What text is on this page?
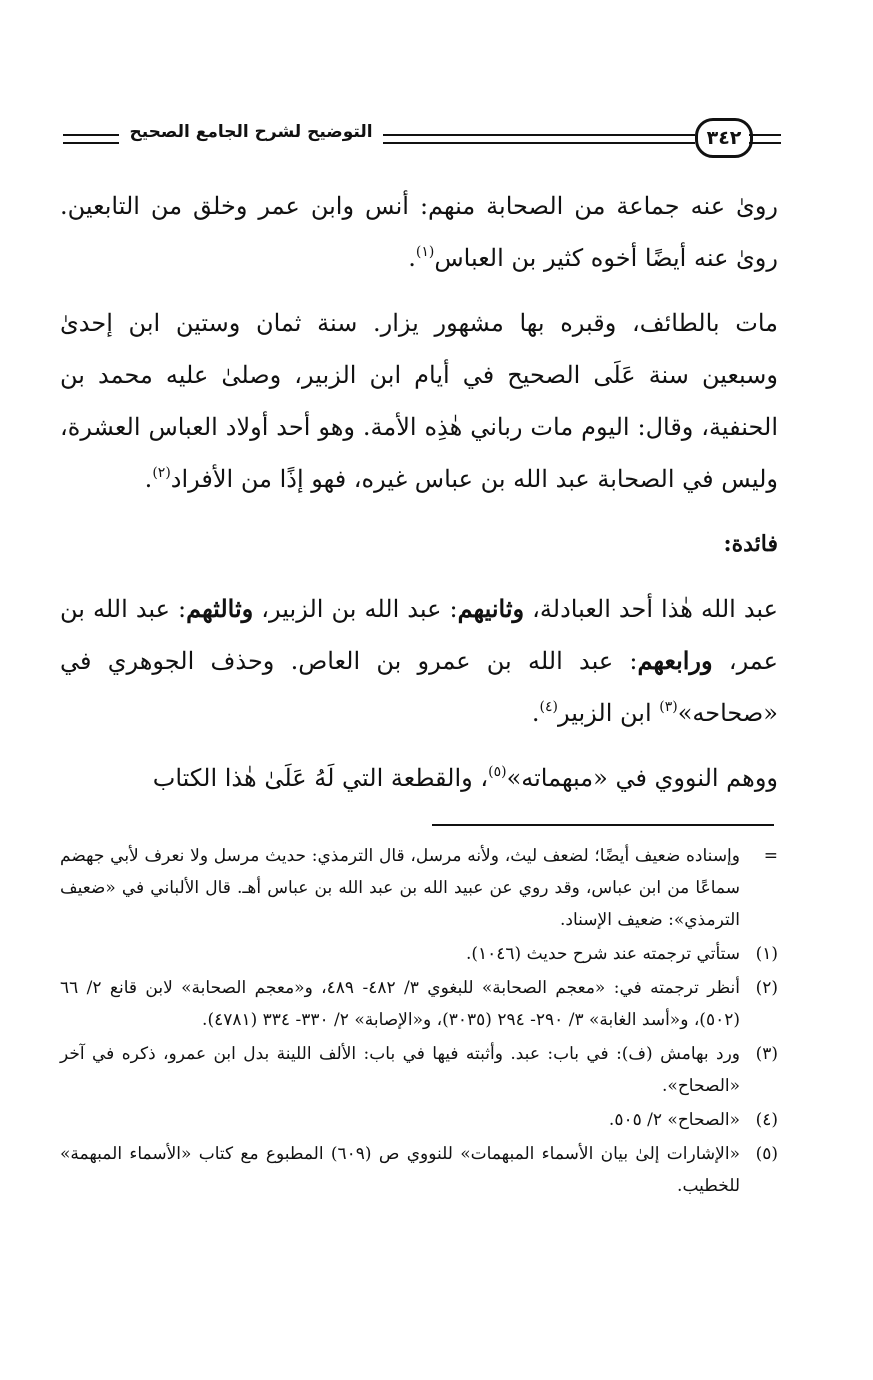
التوضيح لشرح الجامع الصحيح	٣٤٢

رویٰ عنه جماعة من الصحابة منهم: أنس وابن عمر وخلق من التابعين. رویٰ عنه أيضًا أخوه كثير بن العباس$^{(١)}$.

مات بالطائف، وقبره بها مشهور يزار. سنة ثمان وستين ابن إحدیٰ وسبعين سنة عَلَى الصحيح في أيام ابن الزبير، وصلیٰ عليه محمد بن الحنفية، وقال: اليوم مات رباني هٰذِه الأمة. وهو أحد أولاد العباس العشرة، وليس في الصحابة عبد الله بن عباس غيره، فهو إذًا من الأفراد$^{(٢)}$.

فائدة:

عبد الله هٰذا أحد العبادلة، وثانيهم: عبد الله بن الزبير، وثالثهم: عبد الله بن عمر، ورابعهم: عبد الله بن عمرو بن العاص. وحذف الجوهري في «صحاحه»$^{(٣)}$ ابن الزبير$^{(٤)}$.

ووهم النووي في «مبهماته»$^{(٥)}$، والقطعة التي لَهُ عَلَیٰ هٰذا الكتاب

=
وإسناده ضعيف أيضًا؛ لضعف ليث، ولأنه مرسل، قال الترمذي: حديث مرسل ولا نعرف لأبي جهضم سماعًا من ابن عباس، وقد روي عن عبيد الله بن عبد الله بن عباس أهـ. قال الألباني في «ضعيف الترمذي»: ضعيف الإسناد.
(١)
ستأتي ترجمته عند شرح حديث (١٠٤٦).
(٢)
أنظر ترجمته في: «معجم الصحابة» للبغوي ٣/ ٤٨٢- ٤٨٩، و«معجم الصحابة» لابن قانع ٢/ ٦٦ (٥٠٢)، و«أسد الغابة» ٣/ ٢٩٠- ٢٩٤ (٣٠٣٥)، و«الإصابة» ٢/ ٣٣٠- ٣٣٤ (٤٧٨١).
(٣)
ورد بهامش (ف): في باب: عبد. وأثبته فيها في باب: الألف اللينة بدل ابن عمرو، ذكره في آخر «الصحاح».
(٤)
«الصحاح» ٢/ ٥٠٥.
(٥)
«الإشارات إلىٰ بيان الأسماء المبهمات» للنووي ص (٦٠٩) المطبوع مع كتاب «الأسماء المبهمة» للخطيب.
